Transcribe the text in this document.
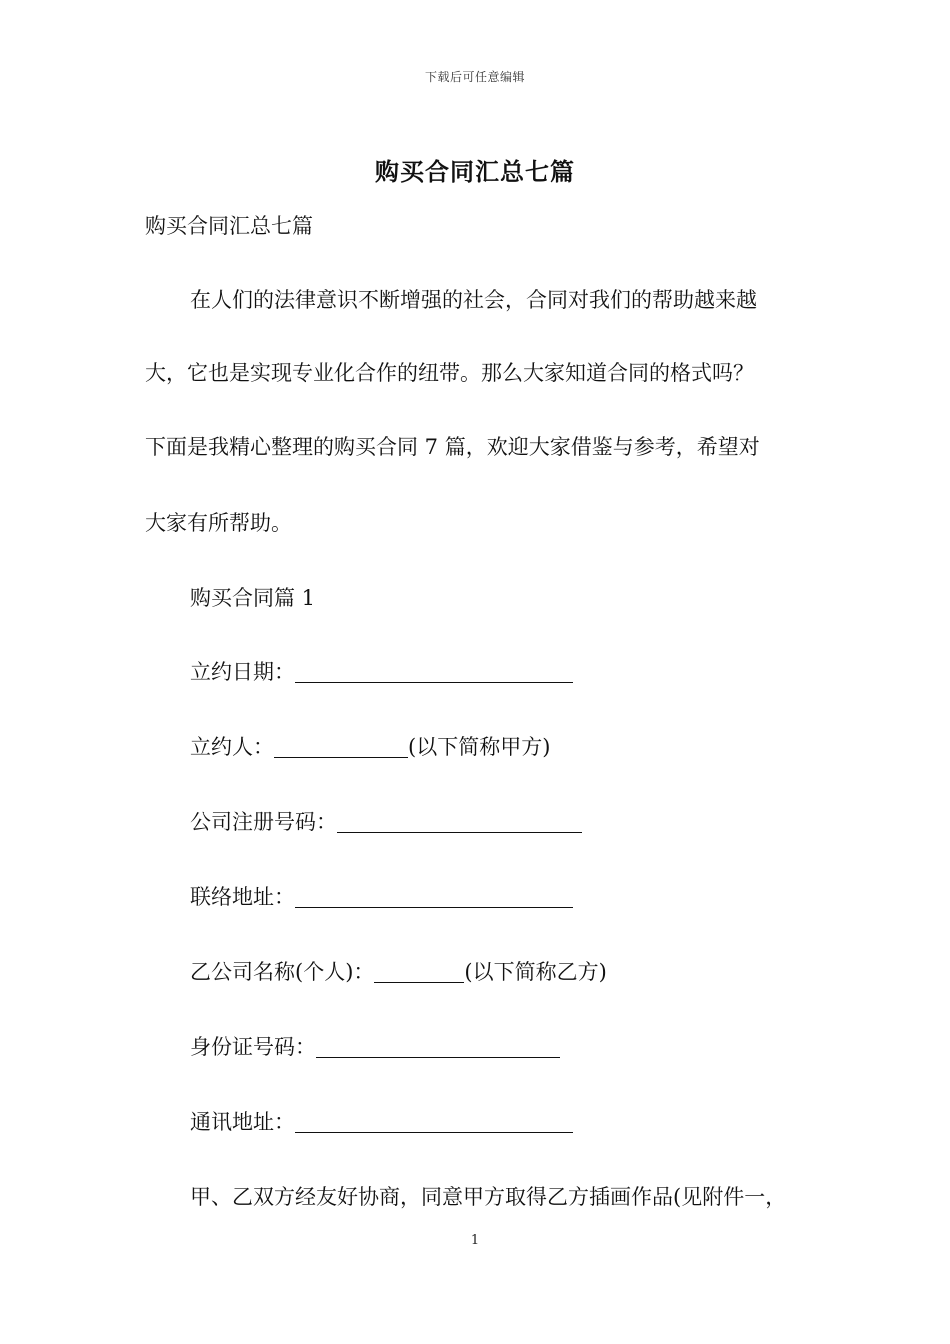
下载后可任意编辑
购买合同汇总七篇
购买合同汇总七篇
在人们的法律意识不断增强的社会，合同对我们的帮助越来越
大，它也是实现专业化合作的纽带。那么大家知道合同的格式吗？
下面是我精心整理的购买合同 7 篇，欢迎大家借鉴与参考，希望对
大家有所帮助。
购买合同篇 1
立约日期：
立约人：	(以下简称甲方)
公司注册号码：
联络地址：
乙公司名称(个人)：	(以下简称乙方)
身份证号码：
通讯地址：
甲、乙双方经友好协商，同意甲方取得乙方插画作品(见附件一，
1
